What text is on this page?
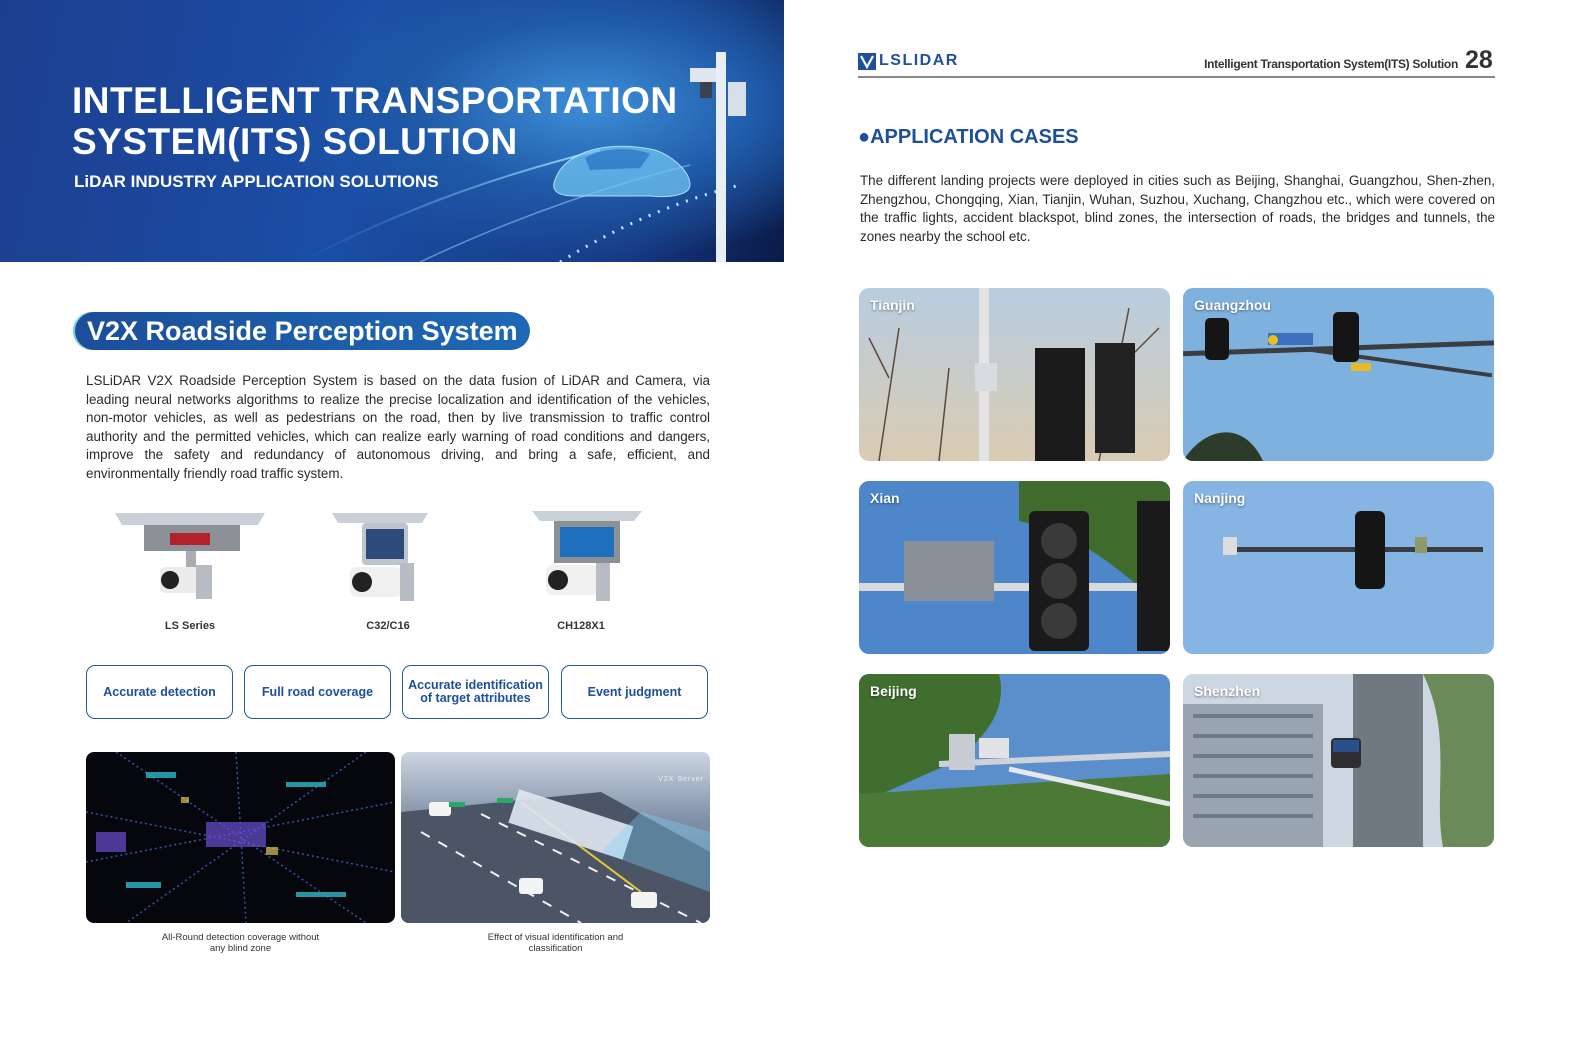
INTELLIGENT TRANSPORTATION
SYSTEM(ITS) SOLUTION
LiDAR INDUSTRY APPLICATION SOLUTIONS
V2X Roadside Perception System
LSLiDAR V2X Roadside Perception System is based on the data fusion of LiDAR and Camera, via leading neural networks algorithms to realize the precise localization and identification of the vehicles, non-motor vehicles, as well as pedestrians on the road, then by live transmission to traffic control authority and the permitted vehicles, which can realize early warning of road conditions and dangers, improve the safety and redundancy of autonomous driving, and bring a safe, efficient, and environmentally friendly road traffic system.
LS Series	C32/C16	CH128X1
Accurate detection	Full road coverage	Accurate identification of target attributes	Event judgment
V2X Server
All-Round detection coverage without
any blind zone
Effect of visual identification and
classification
LSLIDAR	Intelligent Transportation System(ITS) Solution 28
●APPLICATION CASES
The different landing projects were deployed in cities such as Beijing, Shanghai, Guangzhou, Shen-zhen, Zhengzhou, Chongqing, Xian, Tianjin, Wuhan, Suzhou, Xuchang, Changzhou etc., which were covered on the traffic lights, accident blackspot, blind zones, the intersection of roads, the bridges and tunnels, the zones nearby the school etc.
Tianjin	Guangzhou
Xian	Nanjing
Beijing	Shenzhen
